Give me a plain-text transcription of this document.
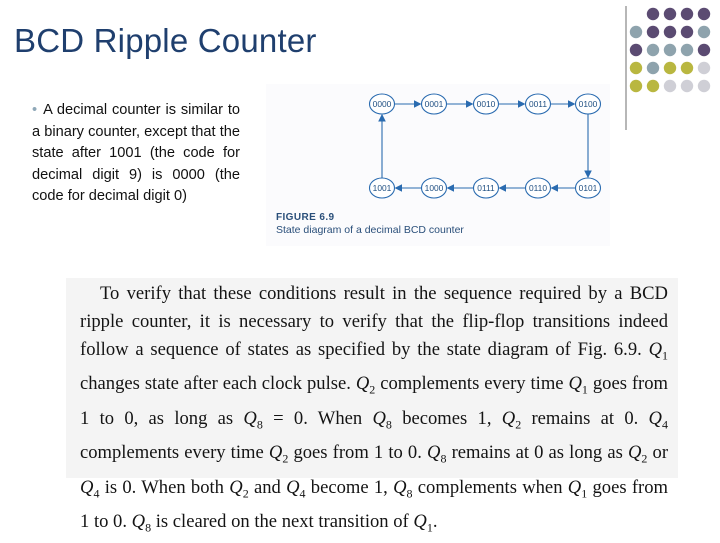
BCD Ripple Counter

• A decimal counter is similar to a binary counter, except that the state after 1001 (the code for decimal digit 9) is 0000 (the code for decimal digit 0)

0000	0001	0010	0011	0100
1001	1000	0111	0110	0101
FIGURE 6.9
State diagram of a decimal BCD counter

To verify that these conditions result in the sequence required by a BCD ripple counter, it is necessary to verify that the flip-flop transitions indeed follow a sequence of states as specified by the state diagram of Fig. 6.9. $Q_1$ changes state after each clock pulse. $Q_2$ complements every time $Q_1$ goes from 1 to 0, as long as $Q_8 = 0$. When $Q_8$ becomes 1, $Q_2$ remains at 0. $Q_4$ complements every time $Q_2$ goes from 1 to 0. $Q_8$ remains at 0 as long as $Q_2$ or $Q_4$ is 0. When both $Q_2$ and $Q_4$ become 1, $Q_8$ complements when $Q_1$ goes from 1 to 0. $Q_8$ is cleared on the next transition of $Q_1$.
